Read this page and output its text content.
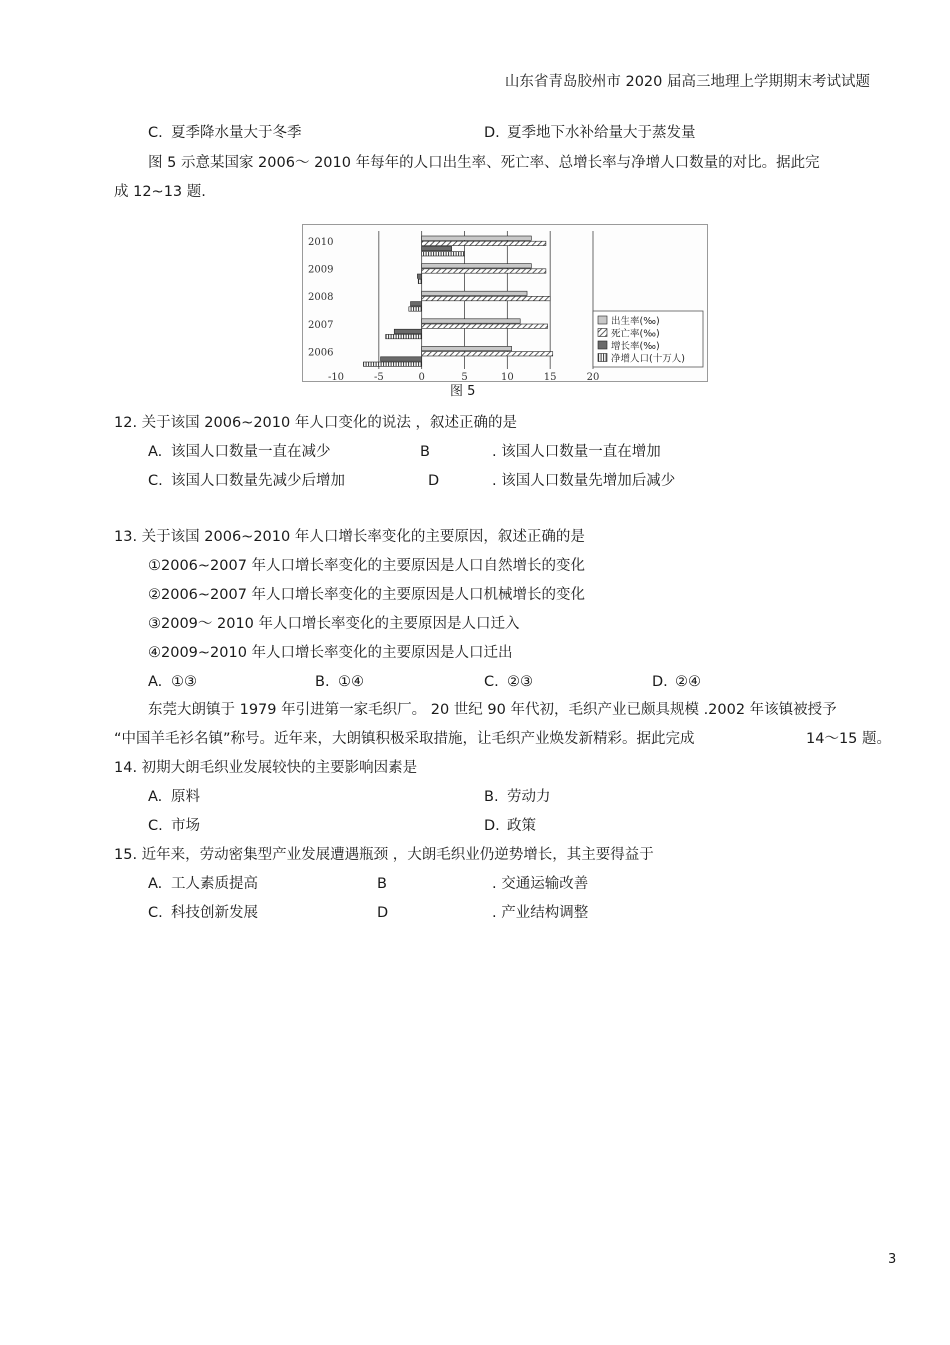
山东省青岛胶州市 2020 届高三地理上学期期末考试试题
C. 夏季降水量大于冬季	D. 夏季地下水补给量大于蒸发量
图 5 示意某国家 2006～ 2010 年每年的人口出生率、死亡率、总增长率与净增人口数量的对比。据此完
成 12~13 题.
-10	-5	0	5	10	15	20
2006
2007
2008
2009
2010
出生率(‰)
死亡率(‰)
增长率(‰)
净增人口(十万人)
图 5
12. 关于该国 2006~2010 年人口变化的说法 ，叙述正确的是
A. 该国人口数量一直在减少	B	. 该国人口数量一直在增加
C. 该国人口数量先减少后增加	D	. 该国人口数量先增加后减少
13. 关于该国 2006~2010 年人口增长率变化的主要原因，叙述正确的是
①2006~2007 年人口增长率变化的主要原因是人口自然增长的变化
②2006~2007 年人口增长率变化的主要原因是人口机械增长的变化
③2009～ 2010 年人口增长率变化的主要原因是人口迁入
④2009~2010 年人口增长率变化的主要原因是人口迁出
A. ①③	B. ①④	C. ②③	D. ②④
东莞大朗镇于 1979 年引进第一家毛织厂。 20 世纪 90 年代初，毛织产业已颇具规模 .2002 年该镇被授予
“中国羊毛衫名镇”称号。近年来，大朗镇积极采取措施，让毛织产业焕发新精彩。据此完成	14～15 题。
14. 初期大朗毛织业发展较快的主要影响因素是
A. 原料	B. 劳动力
C. 市场	D. 政策
15. 近年来，劳动密集型产业发展遭遇瓶颈 ，大朗毛织业仍逆势增长，其主要得益于
A. 工人素质提高	B	. 交通运输改善
C. 科技创新发展	D	. 产业结构调整
3
